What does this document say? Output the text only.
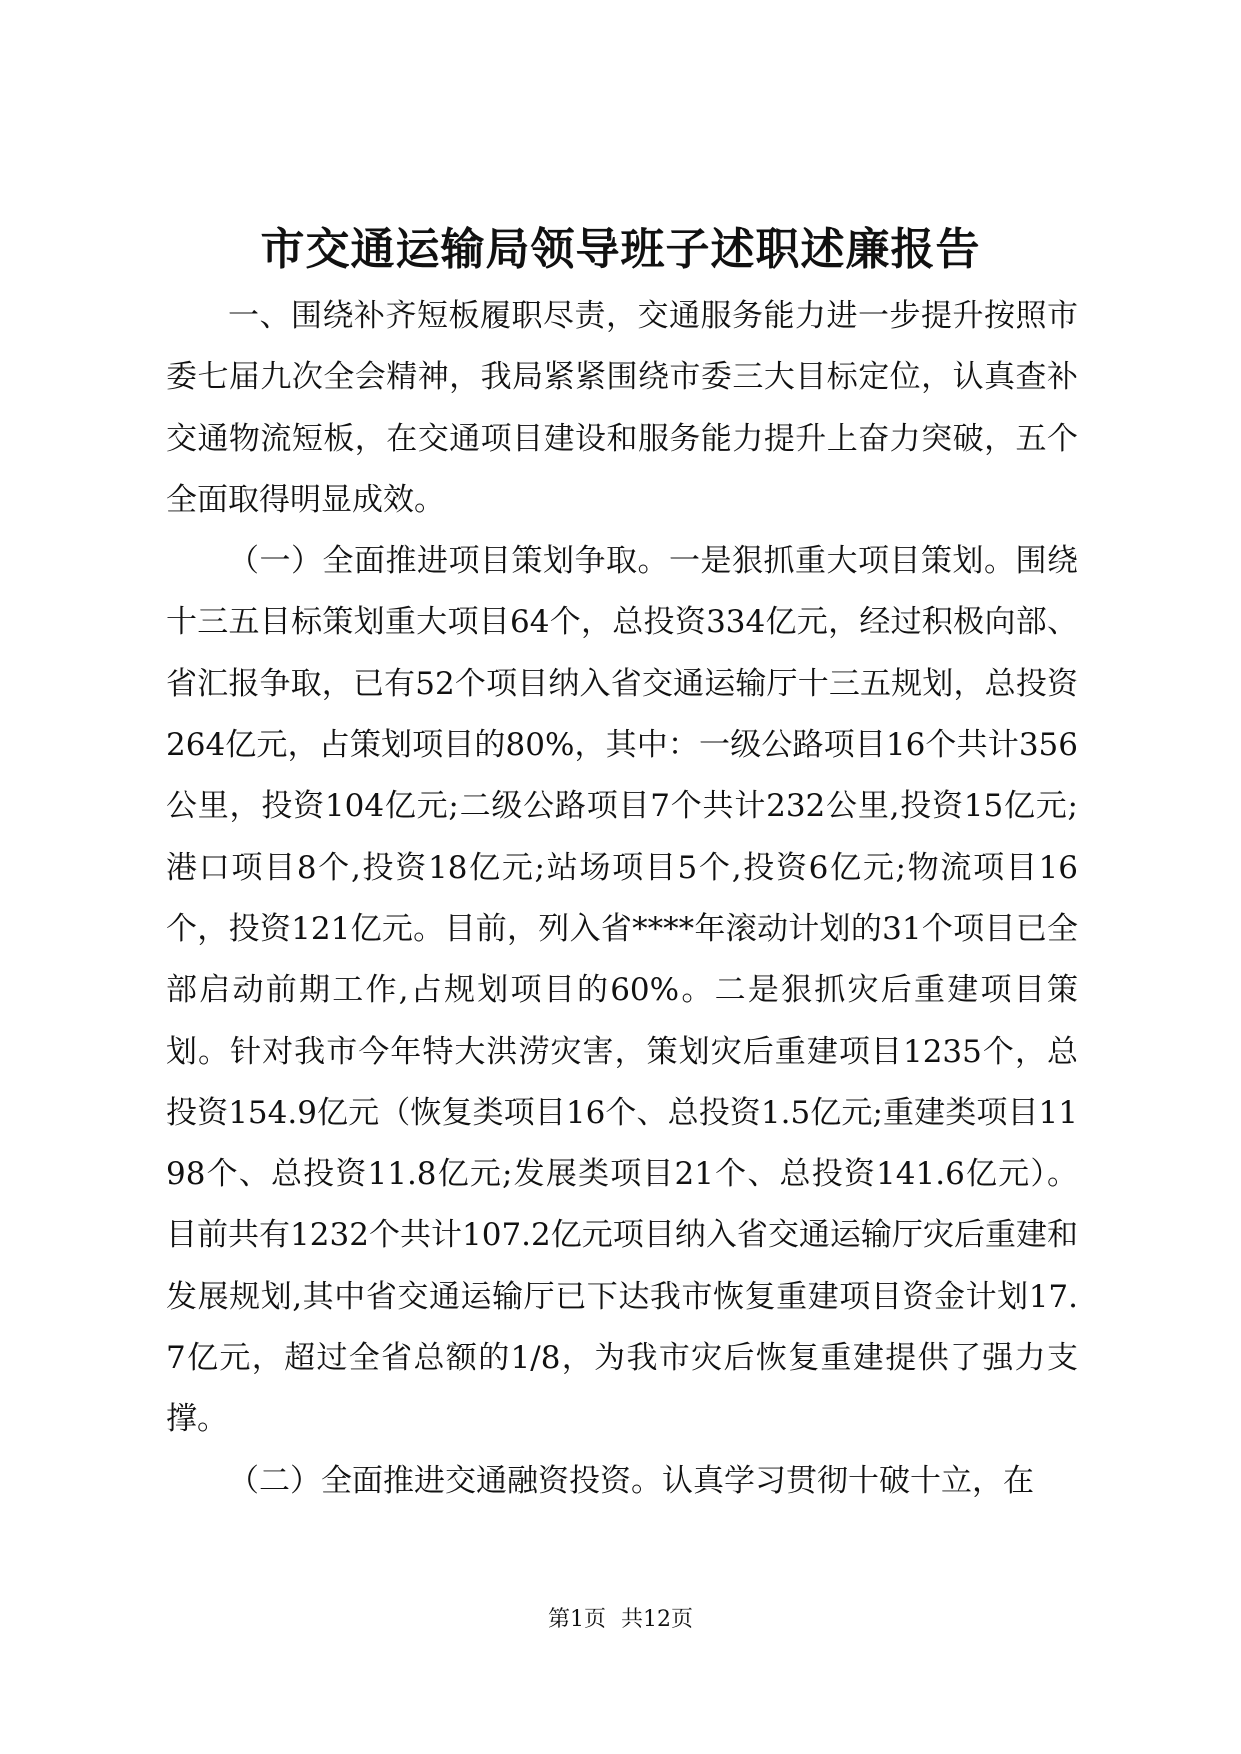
市交通运输局领导班子述职述廉报告

一、围绕补齐短板履职尽责，交通服务能力进一步提升按照市委七届九次全会精神，我局紧紧围绕市委三大目标定位，认真查补交通物流短板，在交通项目建设和服务能力提升上奋力突破，五个全面取得明显成效。

（一）全面推进项目策划争取。一是狠抓重大项目策划。围绕十三五目标策划重大项目64个，总投资334亿元，经过积极向部、省汇报争取，已有52个项目纳入省交通运输厅十三五规划，总投资264亿元，占策划项目的80%，其中：一级公路项目16个共计356公里，投资104亿元;二级公路项目7个共计232公里,投资15亿元;港口项目8个,投资18亿元;站场项目5个,投资6亿元;物流项目16个，投资121亿元。目前，列入省****年滚动计划的31个项目已全部启动前期工作,占规划项目的60%。二是狠抓灾后重建项目策划。针对我市今年特大洪涝灾害，策划灾后重建项目1235个，总投资154.9亿元（恢复类项目16个、总投资1.5亿元;重建类项目1198个、总投资11.8亿元;发展类项目21个、总投资141.6亿元）。目前共有1232个共计107.2亿元项目纳入省交通运输厅灾后重建和发展规划,其中省交通运输厅已下达我市恢复重建项目资金计划17.7亿元，超过全省总额的1/8，为我市灾后恢复重建提供了强力支撑。

（二）全面推进交通融资投资。认真学习贯彻十破十立，在

第1页 共12页
